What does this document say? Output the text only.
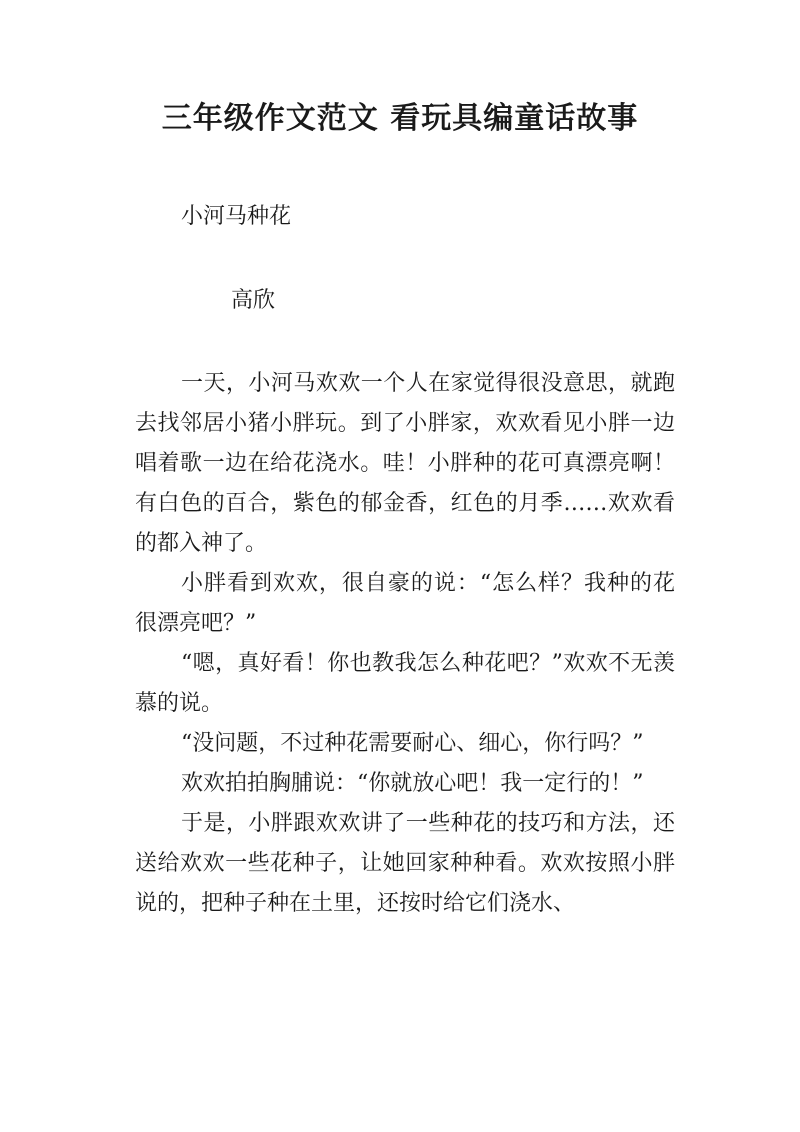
三年级作文范文 看玩具编童话故事
小河马种花
高欣

一天，小河马欢欢一个人在家觉得很没意思，就跑去找邻居小猪小胖玩。到了小胖家，欢欢看见小胖一边唱着歌一边在给花浇水。哇！小胖种的花可真漂亮啊！有白色的百合，紫色的郁金香，红色的月季……欢欢看的都入神了。

小胖看到欢欢，很自豪的说：“怎么样？我种的花很漂亮吧？”

“嗯，真好看！你也教我怎么种花吧？”欢欢不无羡慕的说。

“没问题，不过种花需要耐心、细心，你行吗？”

欢欢拍拍胸脯说：“你就放心吧！我一定行的！”

于是，小胖跟欢欢讲了一些种花的技巧和方法，还送给欢欢一些花种子，让她回家种种看。欢欢按照小胖说的，把种子种在土里，还按时给它们浇水、
